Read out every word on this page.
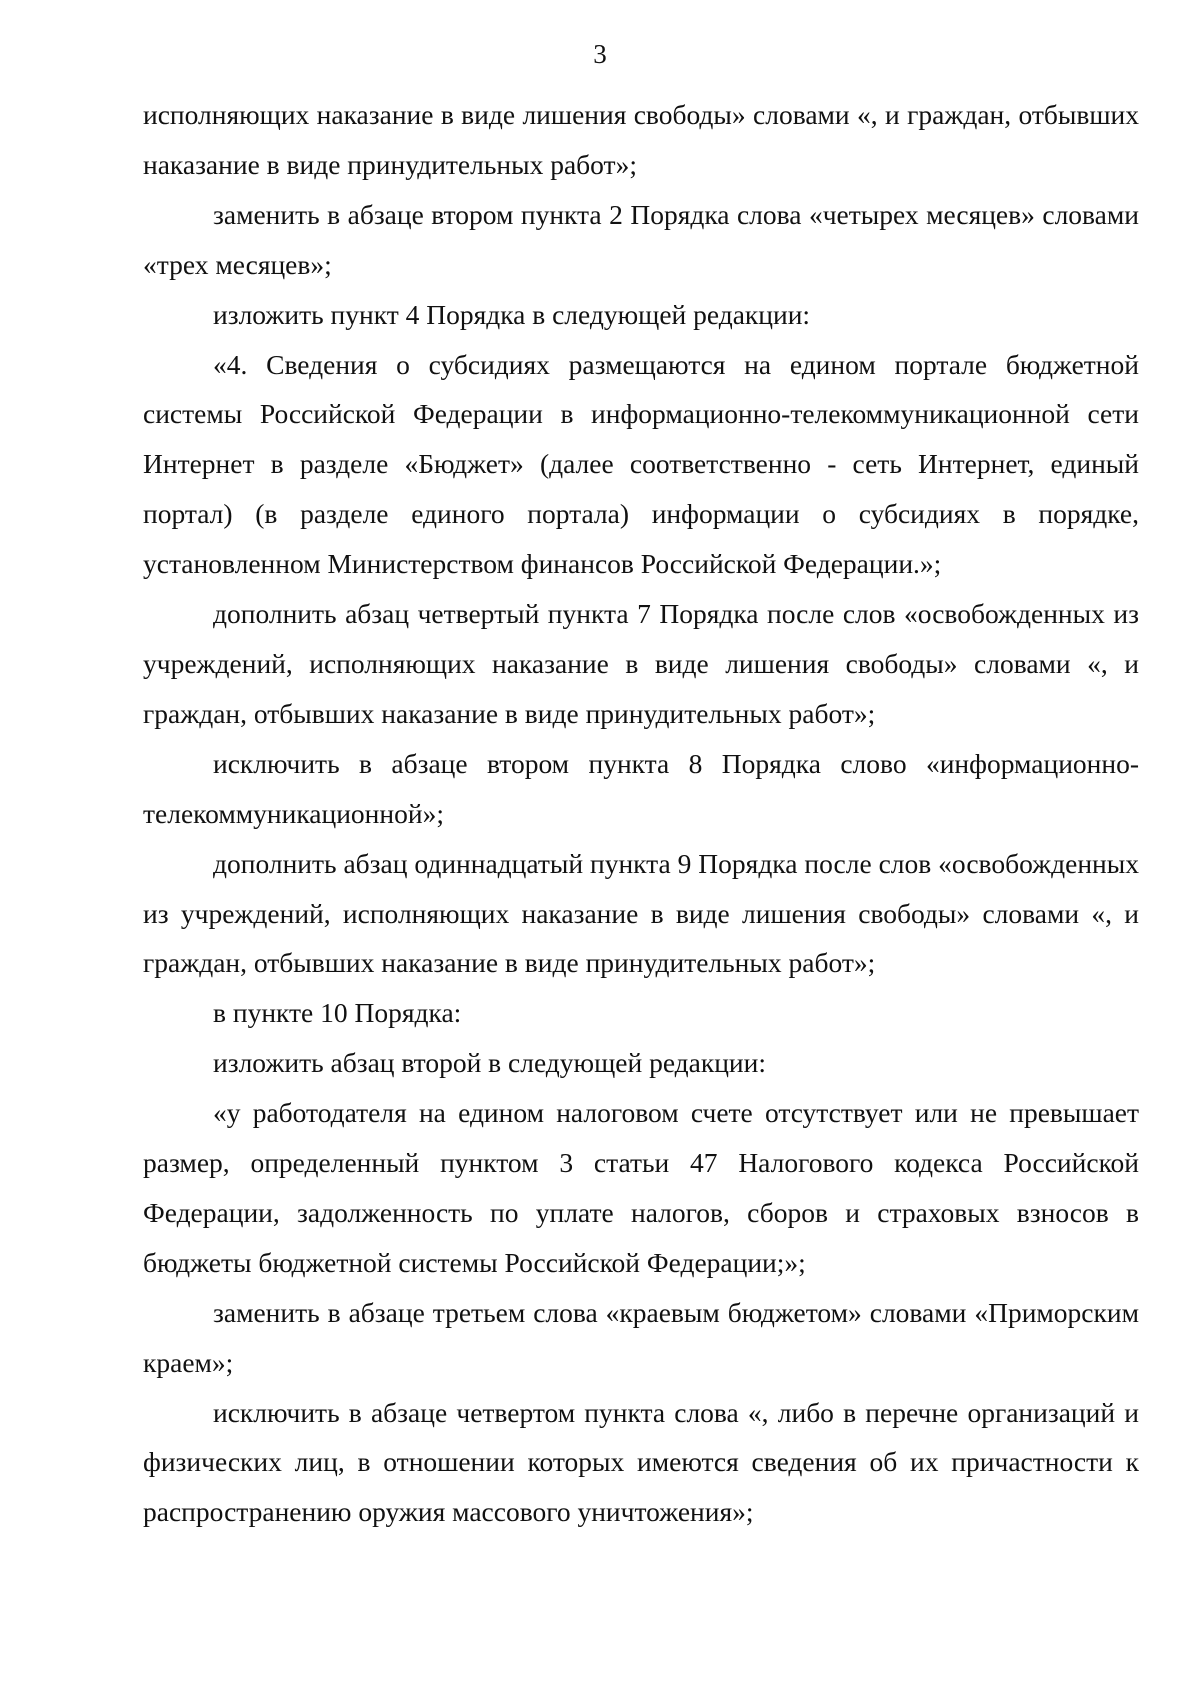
3

исполняющих наказание в виде лишения свободы» словами «, и граждан, отбывших наказание в виде принудительных работ»;

заменить в абзаце втором пункта 2 Порядка слова «четырех месяцев» словами «трех месяцев»;

изложить пункт 4 Порядка в следующей редакции:

«4. Сведения о субсидиях размещаются на едином портале бюджетной системы Российской Федерации в информационно-телекоммуникационной сети Интернет в разделе «Бюджет» (далее соответственно - сеть Интернет, единый портал) (в разделе единого портала) информации о субсидиях в порядке, установленном Министерством финансов Российской Федерации.»;

дополнить абзац четвертый пункта 7 Порядка после слов «освобожденных из учреждений, исполняющих наказание в виде лишения свободы» словами «, и граждан, отбывших наказание в виде принудительных работ»;

исключить в абзаце втором пункта 8 Порядка слово «информационно-телекоммуникационной»;

дополнить абзац одиннадцатый пункта 9 Порядка после слов «освобожденных из учреждений, исполняющих наказание в виде лишения свободы» словами «, и граждан, отбывших наказание в виде принудительных работ»;

в пункте 10 Порядка:

изложить абзац второй в следующей редакции:

«у работодателя на едином налоговом счете отсутствует или не превышает размер, определенный пунктом 3 статьи 47 Налогового кодекса Российской Федерации, задолженность по уплате налогов, сборов и страховых взносов в бюджеты бюджетной системы Российской Федерации;»;

заменить в абзаце третьем слова «краевым бюджетом» словами «Приморским краем»;

исключить в абзаце четвертом пункта слова «, либо в перечне организаций и физических лиц, в отношении которых имеются сведения об их причастности к распространению оружия массового уничтожения»;
